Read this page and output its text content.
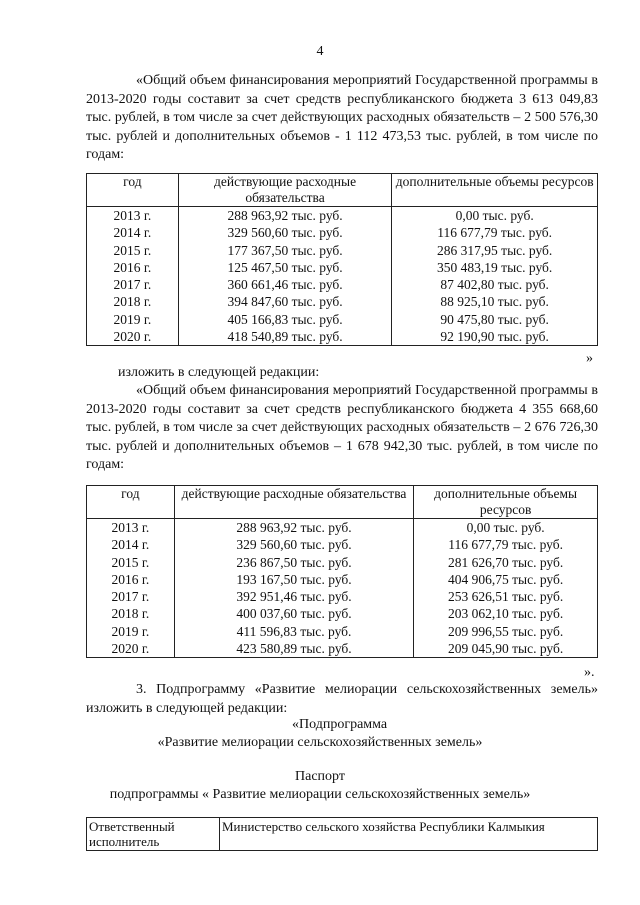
4

«Общий объем финансирования мероприятий Государственной программы в 2013-2020 годы составит за счет средств республиканского бюджета 3 613 049,83 тыс. рублей, в том числе за счет действующих расходных обязательств – 2 500 576,30 тыс. рублей и дополнительных объемов - 1 112 473,53 тыс. рублей, в том числе по годам:

год	действующие расходные обязательства	дополнительные объемы ресурсов
2013 г.	288 963,92 тыс. руб.	0,00 тыс. руб.
2014 г.	329 560,60 тыс. руб.	116 677,79 тыс. руб.
2015 г.	177 367,50 тыс. руб.	286 317,95 тыс. руб.
2016 г.	125 467,50 тыс. руб.	350 483,19 тыс. руб.
2017 г.	360 661,46 тыс. руб.	87 402,80 тыс. руб.
2018 г.	394 847,60 тыс. руб.	88 925,10 тыс. руб.
2019 г.	405 166,83 тыс. руб.	90 475,80 тыс. руб.
2020 г.	418 540,89 тыс. руб.	92 190,90 тыс. руб.
»
изложить в следующей редакции:

«Общий объем финансирования мероприятий Государственной программы в 2013-2020 годы составит за счет средств республиканского бюджета 4 355 668,60 тыс. рублей, в том числе за счет действующих расходных обязательств – 2 676 726,30 тыс. рублей и дополнительных объемов – 1 678 942,30 тыс. рублей, в том числе по годам:

год	действующие расходные обязательства	дополнительные объемы ресурсов
2013 г.	288 963,92 тыс. руб.	0,00 тыс. руб.
2014 г.	329 560,60 тыс. руб.	116 677,79 тыс. руб.
2015 г.	236 867,50 тыс. руб.	281 626,70 тыс. руб.
2016 г.	193 167,50 тыс. руб.	404 906,75 тыс. руб.
2017 г.	392 951,46 тыс. руб.	253 626,51 тыс. руб.
2018 г.	400 037,60 тыс. руб.	203 062,10 тыс. руб.
2019 г.	411 596,83 тыс. руб.	209 996,55 тыс. руб.
2020 г.	423 580,89 тыс. руб.	209 045,90 тыс. руб.
».

3. Подпрограмму «Развитие мелиорации сельскохозяйственных земель» изложить в следующей редакции:

«Подпрограмма
«Развитие мелиорации сельскохозяйственных земель»
Паспорт
подпрограммы « Развитие мелиорации сельскохозяйственных земель»
Ответственный исполнитель	Министерство сельского хозяйства Республики Калмыкия
